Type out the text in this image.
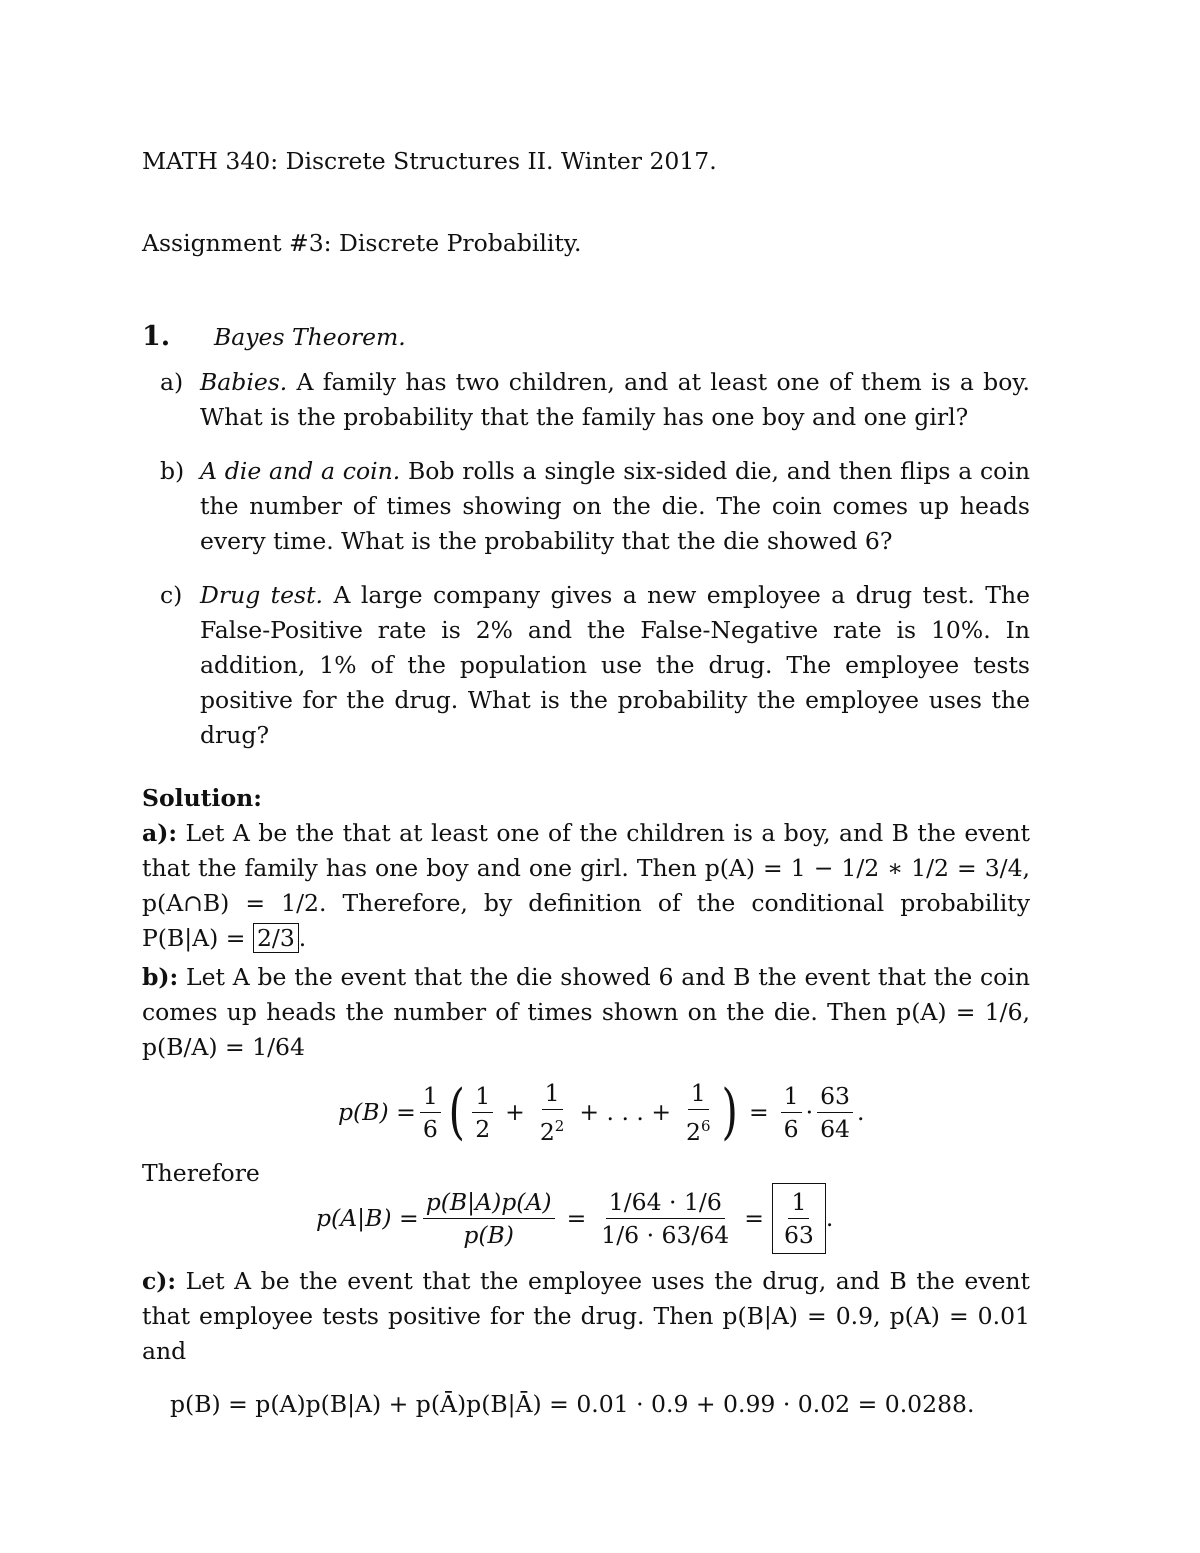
MATH 340: Discrete Structures II. Winter 2017.
Assignment #3: Discrete Probability.
1. Bayes Theorem.
a) Babies. A family has two children, and at least one of them is a boy. What is the probability that the family has one boy and one girl?
b) A die and a coin. Bob rolls a single six-sided die, and then flips a coin the number of times showing on the die. The coin comes up heads every time. What is the probability that the die showed 6?
c) Drug test. A large company gives a new employee a drug test. The False-Positive rate is 2% and the False-Negative rate is 10%. In addition, 1% of the population use the drug. The employee tests positive for the drug. What is the probability the employee uses the drug?
Solution:
a): Let A be the that at least one of the children is a boy, and B the event that the family has one boy and one girl. Then p(A) = 1 − 1/2 ∗ 1/2 = 3/4, p(A∩B) = 1/2. Therefore, by definition of the conditional probability P(B|A) = 2/3 .
b): Let A be the event that the die showed 6 and B the event that the coin comes up heads the number of times shown on the die. Then p(A) = 1/6, p(B/A) = 1/64
$p(B) = \frac{1}{6}$ ( $\frac{1}{2} + \frac{1}{2^2}$ + . . . + $\frac{1}{2^6}$ ) = $\frac{1}{6} \cdot \frac{63}{64}$ .
Therefore
$p(A|B) = \frac{p(B|A)p(A)}{p(B)} = \frac{1/64 \cdot 1/6}{1/6 \cdot 63/64} = \frac{1}{63}$ .
c): Let A be the event that the employee uses the drug, and B the event that employee tests positive for the drug. Then p(B|A) = 0.9, p(A) = 0.01 and
p(B) = p(A)p(B|A) + p(Ā)p(B|Ā) = 0.01 · 0.9 + 0.99 · 0.02 = 0.0288.
